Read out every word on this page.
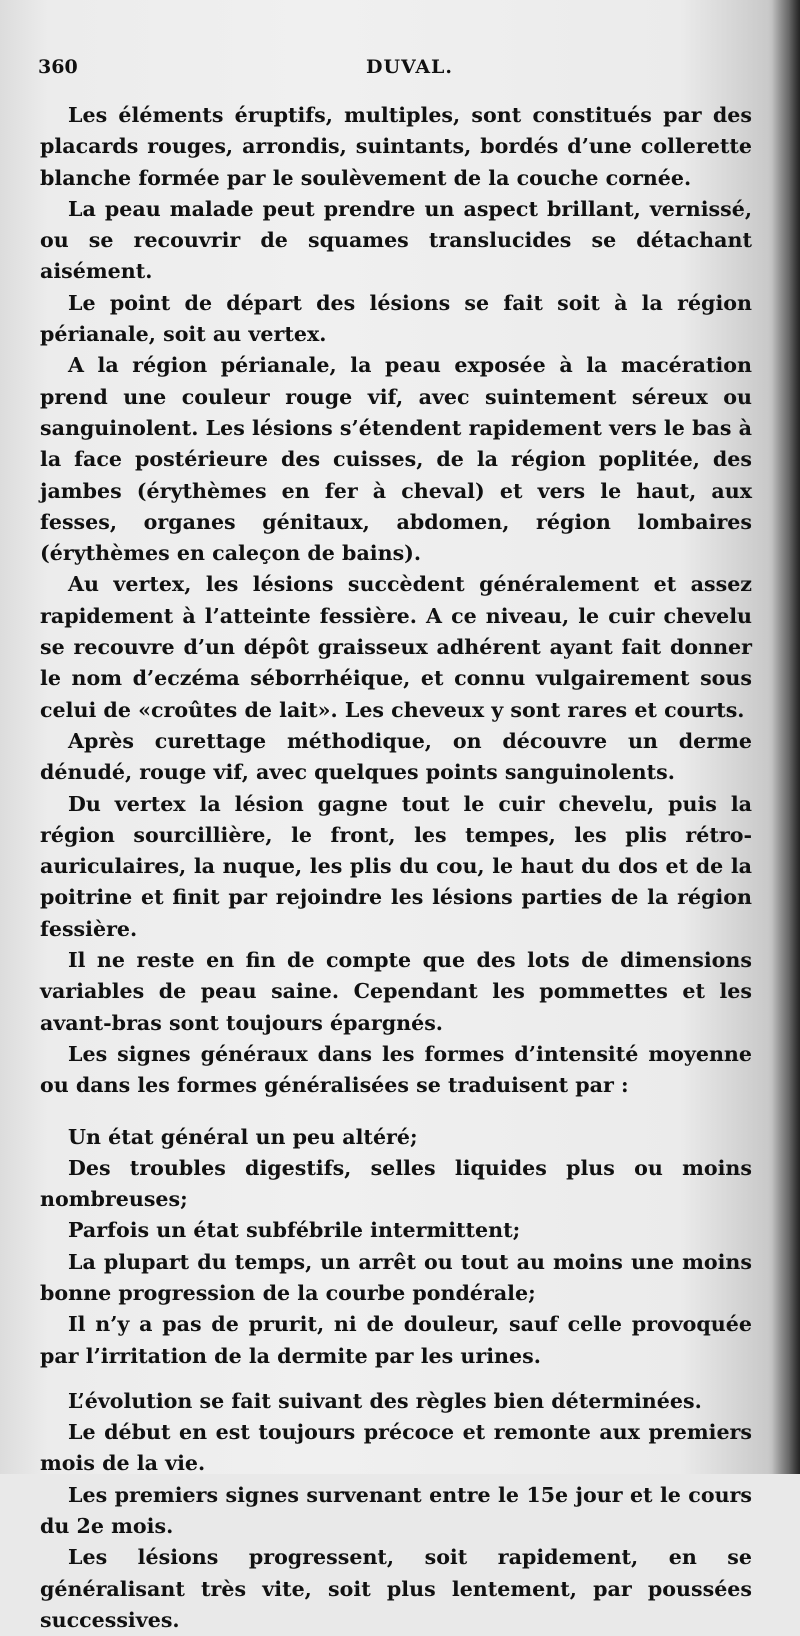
360	DUVAL.

Les éléments éruptifs, multiples, sont constitués par des placards rouges, arrondis, suintants, bordés d’une collerette blanche formée par le soulèvement de la couche cornée.

La peau malade peut prendre un aspect brillant, vernissé, ou se recouvrir de squames translucides se détachant aisément.

Le point de départ des lésions se fait soit à la région périanale, soit au vertex.

A la région périanale, la peau exposée à la macération prend une couleur rouge vif, avec suintement séreux ou sanguinolent. Les lésions s’étendent rapidement vers le bas à la face postérieure des cuisses, de la région poplitée, des jambes (érythèmes en fer à cheval) et vers le haut, aux fesses, organes génitaux, abdomen, région lombaires (érythèmes en caleçon de bains).

Au vertex, les lésions succèdent généralement et assez rapidement à l’atteinte fessière. A ce niveau, le cuir chevelu se recouvre d’un dépôt graisseux adhérent ayant fait donner le nom d’eczéma séborrhéique, et connu vulgairement sous celui de «croûtes de lait». Les cheveux y sont rares et courts.

Après curettage méthodique, on découvre un derme dénudé, rouge vif, avec quelques points sanguinolents.

Du vertex la lésion gagne tout le cuir chevelu, puis la région sourcillière, le front, les tempes, les plis rétro-auriculaires, la nuque, les plis du cou, le haut du dos et de la poitrine et finit par rejoindre les lésions parties de la région fessière.

Il ne reste en fin de compte que des lots de dimensions variables de peau saine. Cependant les pommettes et les avant-bras sont toujours épargnés.

Les signes généraux dans les formes d’intensité moyenne ou dans les formes généralisées se traduisent par :

Un état général un peu altéré;

Des troubles digestifs, selles liquides plus ou moins nombreuses;

Parfois un état subfébrile intermittent;

La plupart du temps, un arrêt ou tout au moins une moins bonne progression de la courbe pondérale;

Il n’y a pas de prurit, ni de douleur, sauf celle provoquée par l’irritation de la dermite par les urines.

L’évolution se fait suivant des règles bien déterminées.

Le début en est toujours précoce et remonte aux premiers mois de la vie.

Les premiers signes survenant entre le 15e jour et le cours du 2e mois.

Les lésions progressent, soit rapidement, en se généralisant très vite, soit plus lentement, par poussées successives.
